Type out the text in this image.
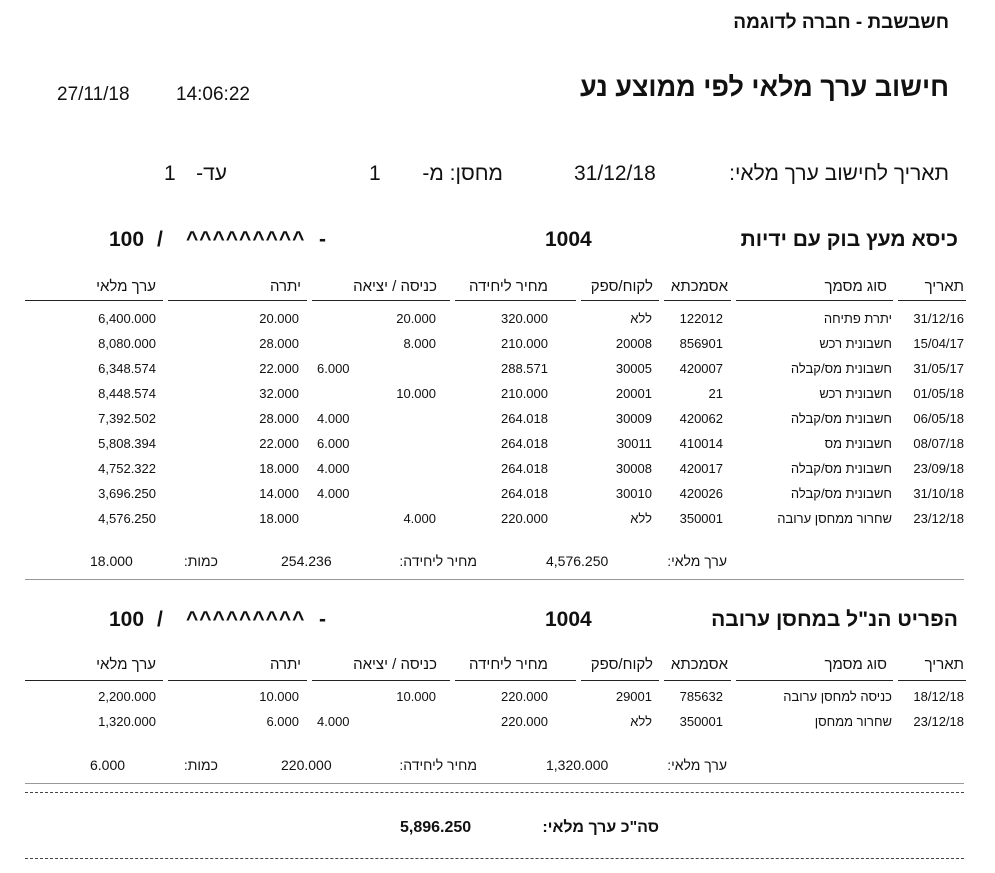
חשבשבת - חברה לדוגמה
חישוב ערך מלאי לפי ממוצע נע
27/11/18 14:06:22
תאריך לחישוב ערך מלאי:
31/12/18
מחסן: מ-
1
עד-
1
כיסא מעץ בוק עם ידיות
1004
-
^^^^^^^^^
/
100
תאריך
סוג מסמך
אסמכתא
לקוח/ספק
מחיר ליחידה
כניסה / יציאה
יתרה
ערך מלאי
31/12/16
יתרת פתיחה
122012
ללא
320.000
20.000
20.000
6,400.000
15/04/17
חשבונית רכש
856901
20008
210.000
8.000
28.000
8,080.000
31/05/17
חשבונית מס/קבלה
420007
30005
288.571
6.000
22.000
6,348.574
01/05/18
חשבונית רכש
21
20001
210.000
10.000
32.000
8,448.574
06/05/18
חשבונית מס/קבלה
420062
30009
264.018
4.000
28.000
7,392.502
08/07/18
חשבונית מס
410014
30011
264.018
6.000
22.000
5,808.394
23/09/18
חשבונית מס/קבלה
420017
30008
264.018
4.000
18.000
4,752.322
31/10/18
חשבונית מס/קבלה
420026
30010
264.018
4.000
14.000
3,696.250
23/12/18
שחרור ממחסן ערובה
350001
ללא
220.000
4.000
18.000
4,576.250
ערך מלאי:
4,576.250
מחיר ליחידה:
254.236
כמות:
18.000
הפריט הנ"ל במחסן ערובה
1004
-
^^^^^^^^^
/
100
תאריך
סוג מסמך
אסמכתא
לקוח/ספק
מחיר ליחידה
כניסה / יציאה
יתרה
ערך מלאי
18/12/18
כניסה למחסן ערובה
785632
29001
220.000
10.000
10.000
2,200.000
23/12/18
שחרור ממחסן
350001
ללא
220.000
4.000
6.000
1,320.000
ערך מלאי:
1,320.000
מחיר ליחידה:
220.000
כמות:
6.000
סה"כ ערך מלאי:
5,896.250
